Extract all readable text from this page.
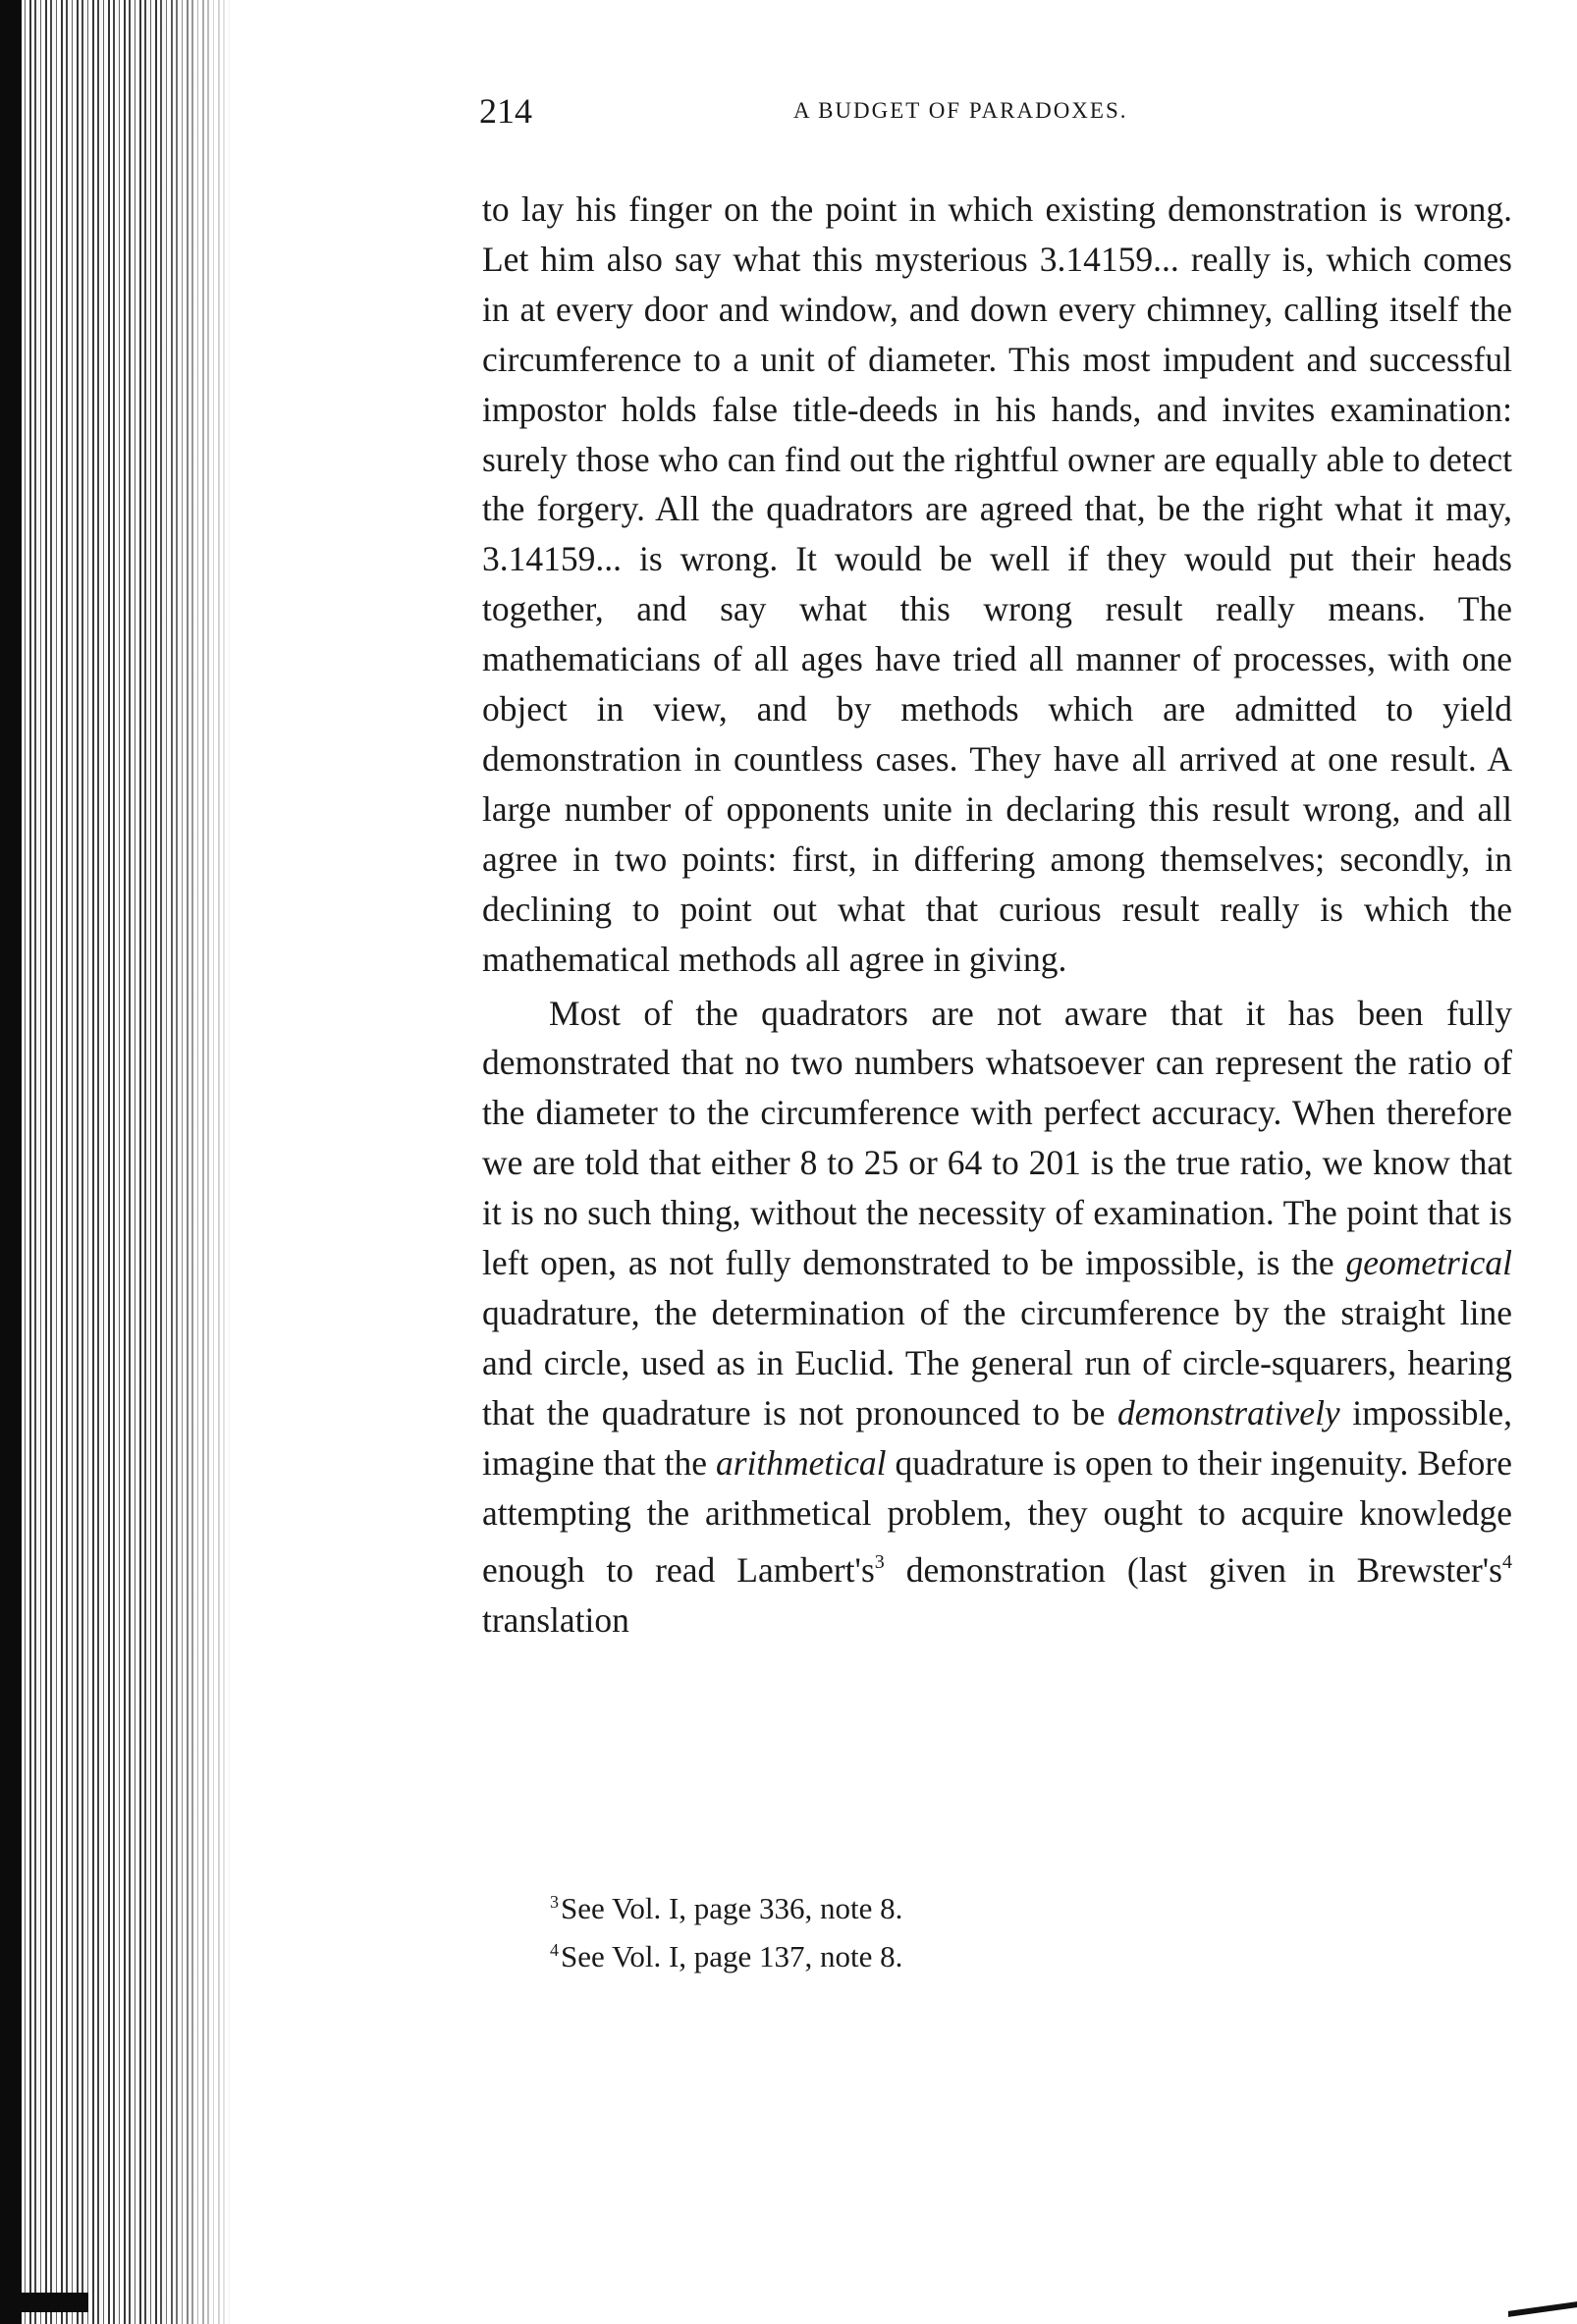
214	A BUDGET OF PARADOXES.

to lay his finger on the point in which existing demonstration is wrong. Let him also say what this mysterious 3.14159... really is, which comes in at every door and window, and down every chimney, calling itself the circumference to a unit of diameter. This most impudent and successful impostor holds false title-deeds in his hands, and invites examination: surely those who can find out the rightful owner are equally able to detect the forgery. All the quadrators are agreed that, be the right what it may, 3.14159... is wrong. It would be well if they would put their heads together, and say what this wrong result really means. The mathematicians of all ages have tried all manner of processes, with one object in view, and by methods which are admitted to yield demonstration in countless cases. They have all arrived at one result. A large number of opponents unite in declaring this result wrong, and all agree in two points: first, in differing among themselves; secondly, in declining to point out what that curious result really is which the mathematical methods all agree in giving.

Most of the quadrators are not aware that it has been fully demonstrated that no two numbers whatsoever can represent the ratio of the diameter to the circumference with perfect accuracy. When therefore we are told that either 8 to 25 or 64 to 201 is the true ratio, we know that it is no such thing, without the necessity of examination. The point that is left open, as not fully demonstrated to be impossible, is the geometrical quadrature, the determination of the circumference by the straight line and circle, used as in Euclid. The general run of circle-squarers, hearing that the quadrature is not pronounced to be demonstratively impossible, imagine that the arithmetical quadrature is open to their ingenuity. Before attempting the arithmetical problem, they ought to acquire knowledge enough to read $Lambert's^3$ demonstration (last given in $Brewster's^4$ translation

$^3$See Vol. I, page 336, note 8.

$^4$See Vol. I, page 137, note 8.
